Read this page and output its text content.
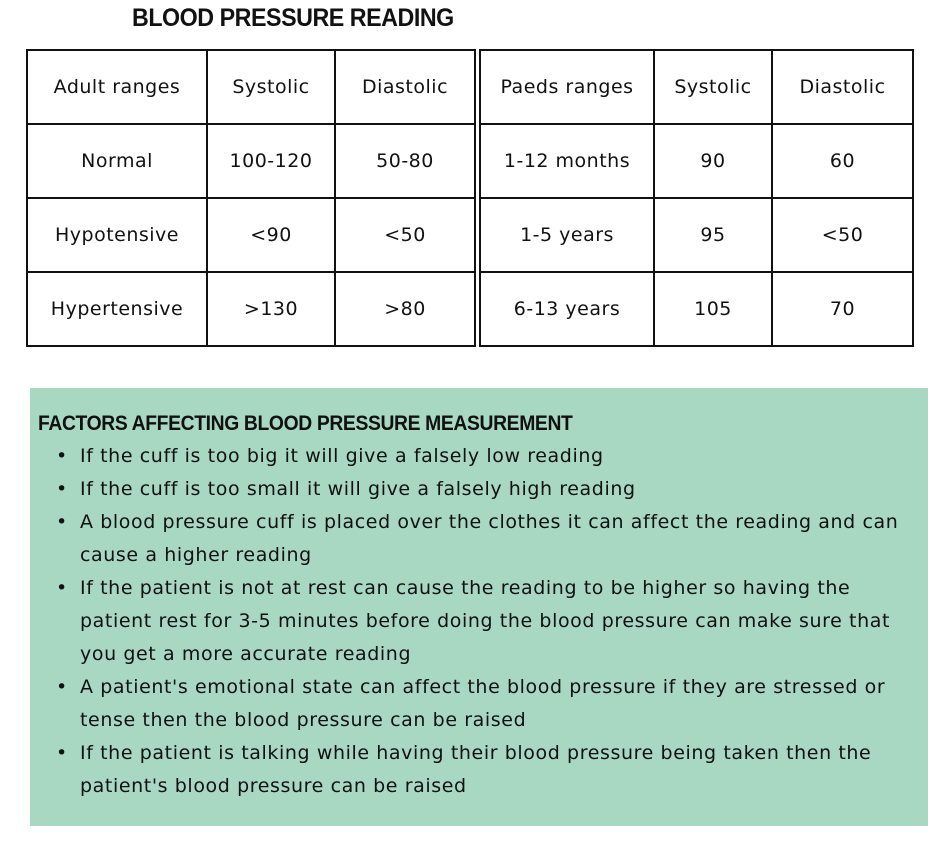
BLOOD PRESSURE READING
Adult ranges	Systolic	Diastolic
Normal	100-120	50-80
Hypotensive	<90	<50
Hypertensive	>130	>80
Paeds ranges	Systolic	Diastolic
1-12 months	90	60
1-5 years	95	<50
6-13 years	105	70
FACTORS AFFECTING BLOOD PRESSURE MEASUREMENT
• If the cuff is too big it will give a falsely low reading
• If the cuff is too small it will give a falsely high reading
• A blood pressure cuff is placed over the clothes it can affect the reading and can cause a higher reading
• If the patient is not at rest can cause the reading to be higher so having the patient rest for 3-5 minutes before doing the blood pressure can make sure that you get a more accurate reading
• A patient's emotional state can affect the blood pressure if they are stressed or tense then the blood pressure can be raised
• If the patient is talking while having their blood pressure being taken then the patient's blood pressure can be raised
